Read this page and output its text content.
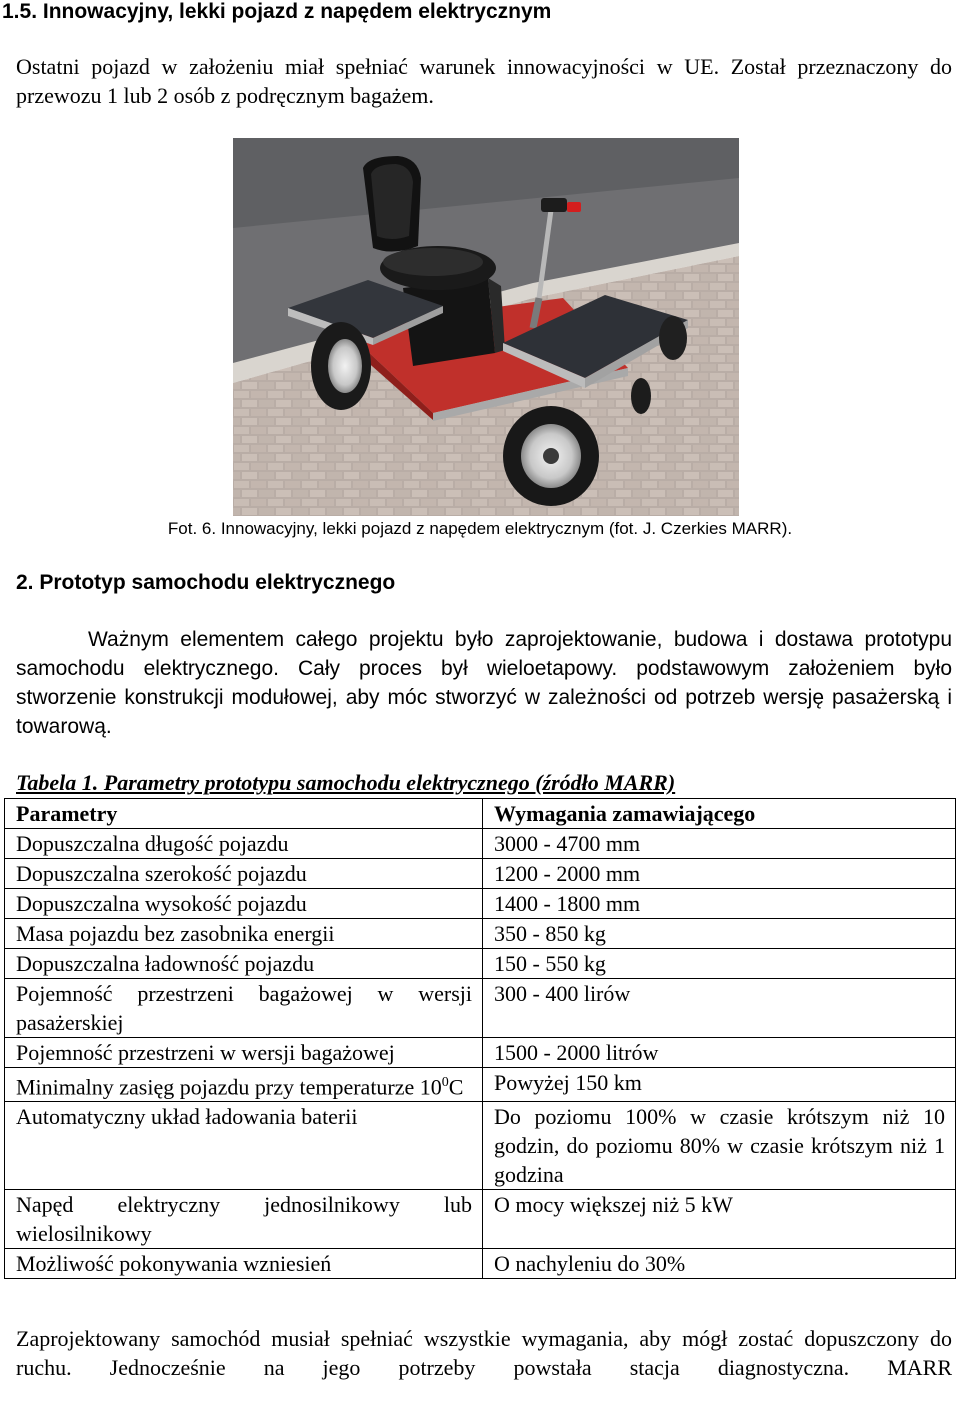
1.5. Innowacyjny, lekki pojazd z napędem elektrycznym
Ostatni pojazd w założeniu miał spełniać warunek innowacyjności w UE. Został przeznaczony do przewozu 1 lub 2 osób z podręcznym bagażem.
Fot. 6. Innowacyjny, lekki pojazd z napędem elektrycznym (fot. J. Czerkies MARR).
2. Prototyp samochodu elektrycznego
Ważnym elementem całego projektu było zaprojektowanie, budowa i dostawa prototypu samochodu elektrycznego. Cały proces był wieloetapowy. podstawowym założeniem było stworzenie konstrukcji modułowej, aby móc stworzyć w zależności od potrzeb wersję pasażerską i towarową.
Tabela 1. Parametry prototypu samochodu elektrycznego (źródło MARR)
Parametry	Wymagania zamawiającego
Dopuszczalna długość pojazdu	3000 - 4700 mm
Dopuszczalna szerokość pojazdu	1200 - 2000 mm
Dopuszczalna wysokość pojazdu	1400 - 1800 mm
Masa pojazdu bez zasobnika energii	350 - 850 kg
Dopuszczalna ładowność pojazdu	150 - 550 kg
Pojemność przestrzeni bagażowej w wersji pasażerskiej	300 - 400 lirów
Pojemność przestrzeni w wersji bagażowej	1500 - 2000 litrów
Minimalny zasięg pojazdu przy temperaturze $10^0C$	Powyżej 150 km
Automatyczny układ ładowania baterii	Do poziomu 100% w czasie krótszym niż 10 godzin, do poziomu 80% w czasie krótszym niż 1 godzina
Napęd elektryczny jednosilnikowy lub wielosilnikowy	O mocy większej niż 5 kW
Możliwość pokonywania wzniesień	O nachyleniu do 30%
Zaprojektowany samochód musiał spełniać wszystkie wymagania, aby mógł zostać dopuszczony do ruchu. Jednocześnie na jego potrzeby powstała stacja diagnostyczna. MARR
